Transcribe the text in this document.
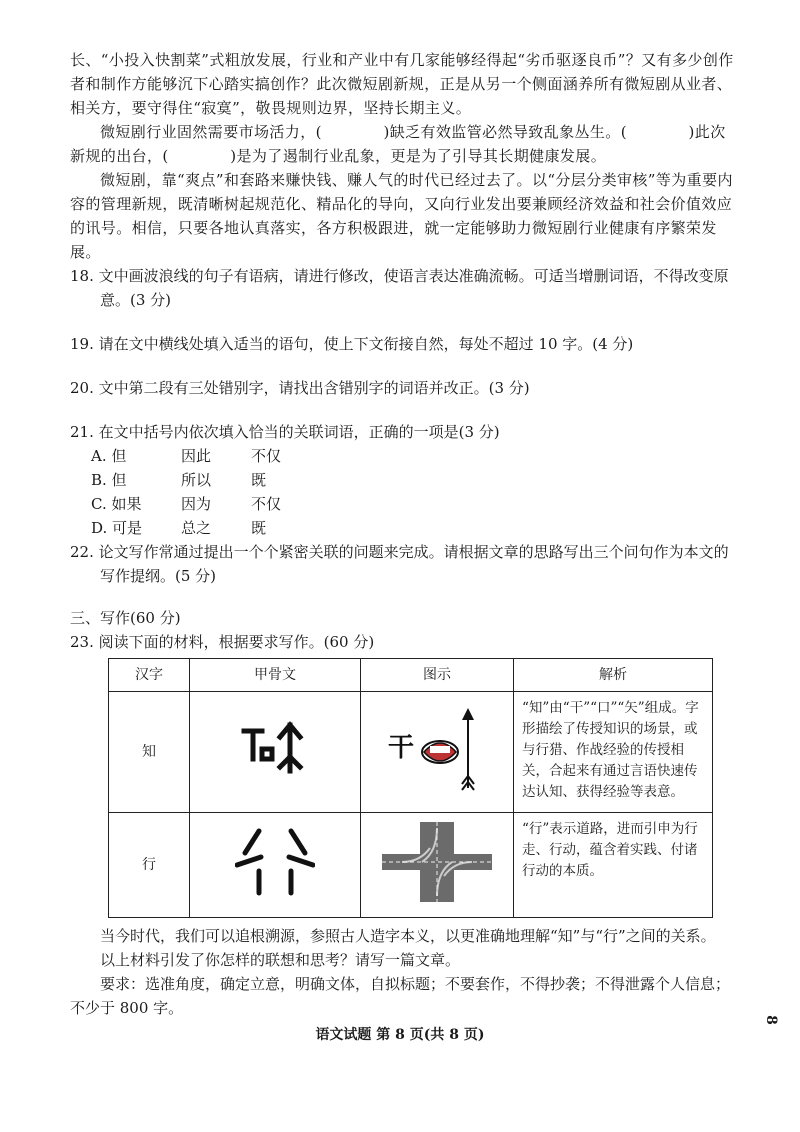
长、“小投入快割菜”式粗放发展，行业和产业中有几家能够经得起“劣币驱逐良币”？又有多少创作者和制作方能够沉下心踏实搞创作？此次微短剧新规，正是从另一个侧面涵养所有微短剧从业者、相关方，要守得住“寂寞”，敬畏规则边界，坚持长期主义。

微短剧行业固然需要市场活力，(　　　　)缺乏有效监管必然导致乱象丛生。(　　　　)此次新规的出台，(　　　　)是为了遏制行业乱象，更是为了引导其长期健康发展。

微短剧，靠“爽点”和套路来赚快钱、赚人气的时代已经过去了。以“分层分类审核”等为重要内容的管理新规，既清晰树起规范化、精品化的导向，又向行业发出要兼顾经济效益和社会价值效应的讯号。相信，只要各地认真落实，各方积极跟进，就一定能够助力微短剧行业健康有序繁荣发展。

18. 文中画波浪线的句子有语病，请进行修改，使语言表达准确流畅。可适当增删词语，不得改变原意。(3 分)

19. 请在文中横线处填入适当的语句，使上下文衔接自然，每处不超过 10 字。(4 分)

20. 文中第二段有三处错别字，请找出含错别字的词语并改正。(3 分)

21. 在文中括号内依次填入恰当的关联词语，正确的一项是(3 分)

A. 但	因此	不仅
B. 但	所以	既
C. 如果	因为	不仅
D. 可是	总之	既

22. 论文写作常通过提出一个个紧密关联的问题来完成。请根据文章的思路写出三个问句作为本文的写作提纲。(5 分)

三、写作(60 分)

23. 阅读下面的材料，根据要求写作。(60 分)

汉字	甲骨文	图示	解析
知		干	“知”由“干”“口”“矢”组成。字形描绘了传授知识的场景，或与行猎、作战经验的传授相关，合起来有通过言语快速传达认知、获得经验等表意。
行			“行”表示道路，进而引申为行走、行动，蕴含着实践、付诸行动的本质。

当今时代，我们可以追根溯源，参照古人造字本义，以更准确地理解“知”与“行”之间的关系。

以上材料引发了你怎样的联想和思考？请写一篇文章。

要求：选准角度，确定立意，明确文体，自拟标题；不要套作，不得抄袭；不得泄露个人信息；不少于 800 字。

8
语文试题 第 8 页(共 8 页)
